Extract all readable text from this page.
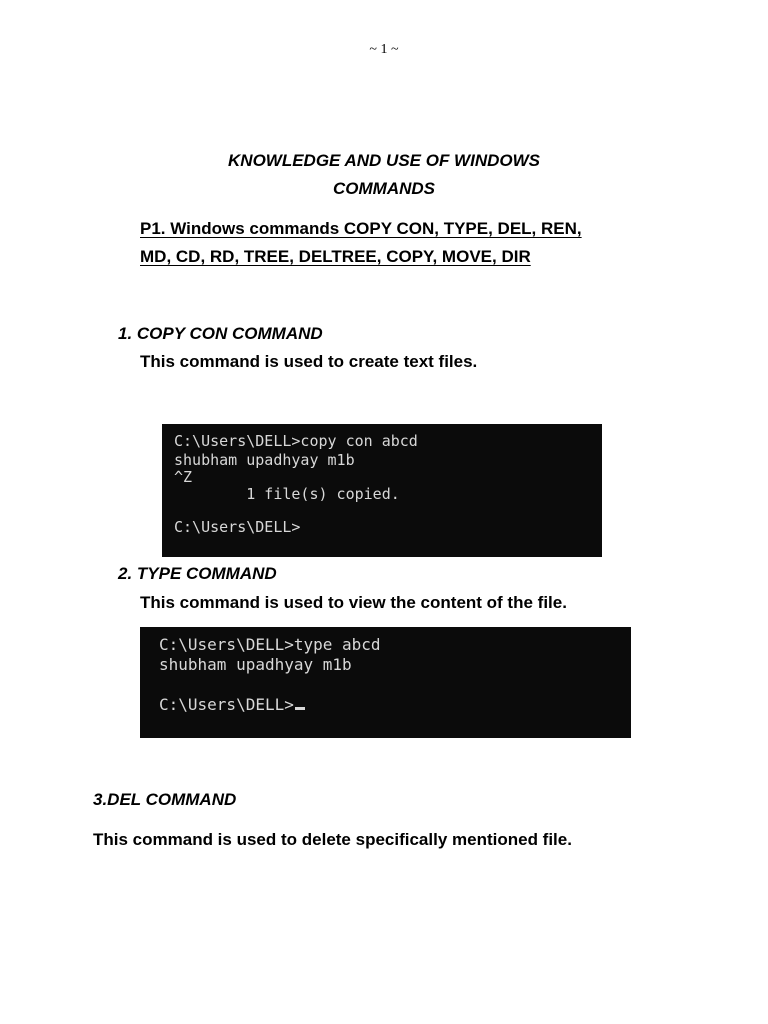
~ 1 ~
KNOWLEDGE AND USE OF WINDOWS
COMMANDS
P1. Windows commands COPY CON, TYPE, DEL, REN,
MD, CD, RD, TREE, DELTREE, COPY, MOVE, DIR
1. COPY CON COMMAND
This command is used to create text files.
C:\Users\DELL>copy con abcd
shubham upadhyay m1b
^Z
1 file(s) copied.
C:\Users\DELL>
2. TYPE COMMAND
This command is used to view the content of the file.
C:\Users\DELL>type abcd
shubham upadhyay m1b
C:\Users\DELL>
3.DEL COMMAND
This command is used to delete specifically mentioned file.
